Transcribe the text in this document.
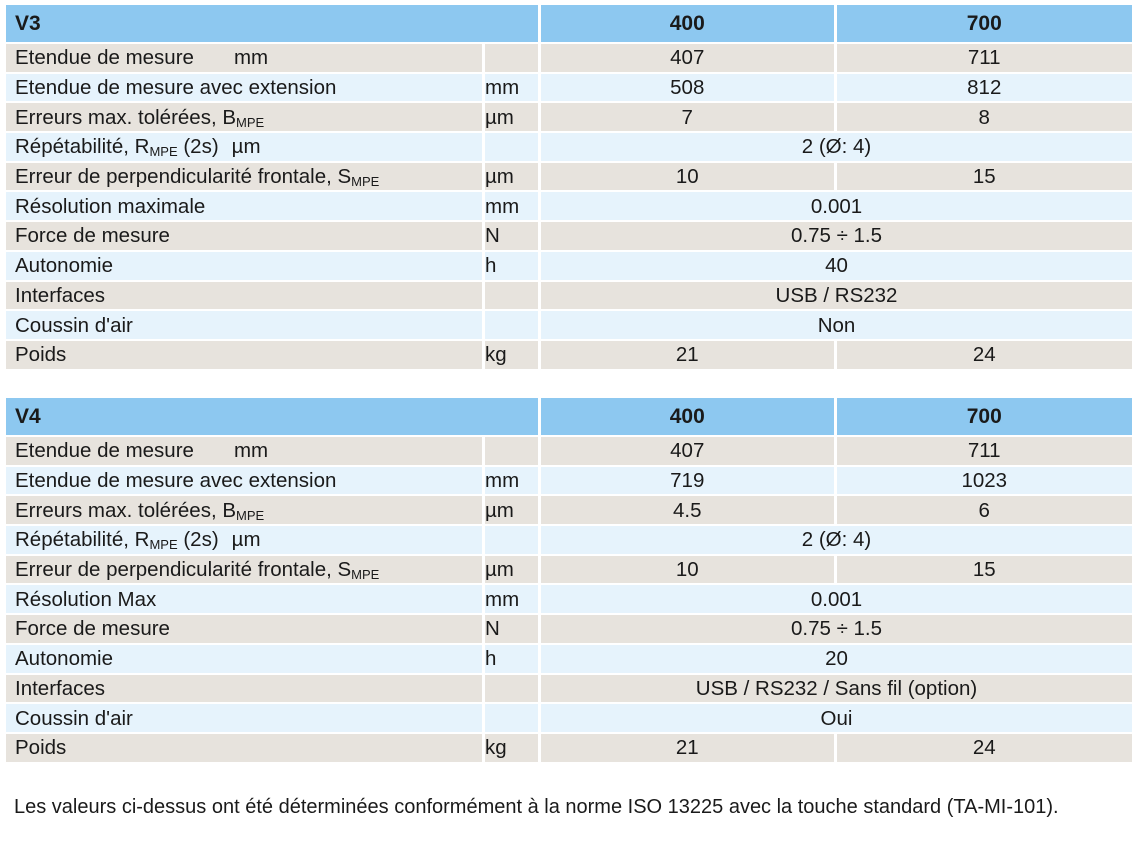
V3		400	700
Etendue de mesure mm		407	711
Etendue de mesure avec extension	mm	508	812
Erreurs max. tolérées, $B_{MPE}$	µm	7	8
Répétabilité, $R_{MPE}$ (2s) µm		2 (Ø: 4)	
Erreur de perpendicularité frontale, $S_{MPE}$	µm	10	15
Résolution maximale	mm	0.001	
Force de mesure	N	0.75 ÷ 1.5	
Autonomie	h	40	
Interfaces		USB / RS232	
Coussin d'air		Non	
Poids	kg	21	24
V4		400	700
Etendue de mesure mm		407	711
Etendue de mesure avec extension	mm	719	1023
Erreurs max. tolérées, $B_{MPE}$	µm	4.5	6
Répétabilité, $R_{MPE}$ (2s) µm		2 (Ø: 4)	
Erreur de perpendicularité frontale, $S_{MPE}$	µm	10	15
Résolution Max	mm	0.001	
Force de mesure	N	0.75 ÷ 1.5	
Autonomie	h	20	
Interfaces		USB / RS232 / Sans fil (option)	
Coussin d'air		Oui	
Poids	kg	21	24
Les valeurs ci-dessus ont été déterminées conformément à la norme ISO 13225 avec la touche standard (TA-MI-101).
